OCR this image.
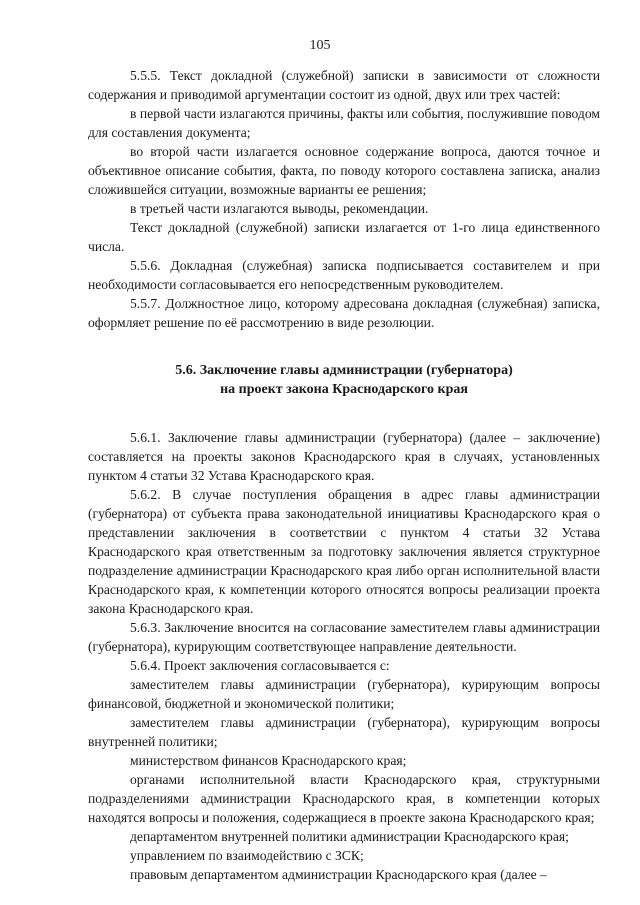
105

5.5.5. Текст докладной (служебной) записки в зависимости от сложности содержания и приводимой аргументации состоит из одной, двух или трех частей:

в первой части излагаются причины, факты или события, послужившие поводом для составления документа;

во второй части излагается основное содержание вопроса, даются точное и объективное описание события, факта, по поводу которого составлена записка, анализ сложившейся ситуации, возможные варианты ее решения;

в третьей части излагаются выводы, рекомендации.

Текст докладной (служебной) записки излагается от 1-го лица единственного числа.

5.5.6. Докладная (служебная) записка подписывается составителем и при необходимости согласовывается его непосредственным руководителем.

5.5.7. Должностное лицо, которому адресована докладная (служебная) записка, оформляет решение по её рассмотрению в виде резолюции.

5.6. Заключение главы администрации (губернатора)
на проект закона Краснодарского края

5.6.1. Заключение главы администрации (губернатора) (далее – заключение) составляется на проекты законов Краснодарского края в случаях, установленных пунктом 4 статьи 32 Устава Краснодарского края.

5.6.2. В случае поступления обращения в адрес главы администрации (губернатора) от субъекта права законодательной инициативы Краснодарского края о представлении заключения в соответствии с пунктом 4 статьи 32 Устава Краснодарского края ответственным за подготовку заключения является структурное подразделение администрации Краснодарского края либо орган исполнительной власти Краснодарского края, к компетенции которого относятся вопросы реализации проекта закона Краснодарского края.

5.6.3. Заключение вносится на согласование заместителем главы администрации (губернатора), курирующим соответствующее направление деятельности.

5.6.4. Проект заключения согласовывается с:

заместителем главы администрации (губернатора), курирующим вопросы финансовой, бюджетной и экономической политики;

заместителем главы администрации (губернатора), курирующим вопросы внутренней политики;

министерством финансов Краснодарского края;

органами исполнительной власти Краснодарского края, структурными подразделениями администрации Краснодарского края, в компетенции которых находятся вопросы и положения, содержащиеся в проекте закона Краснодарского края;

департаментом внутренней политики администрации Краснодарского края;

управлением по взаимодействию с ЗСК;

правовым департаментом администрации Краснодарского края (далее –
